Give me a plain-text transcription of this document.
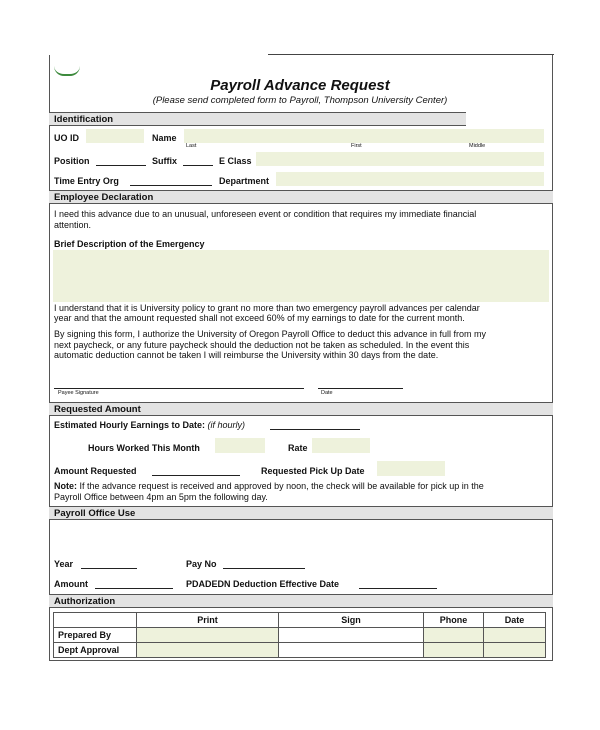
Payroll Advance Request
(Please send completed form to Payroll, Thompson University Center)
Identification
UO ID	Name
Last	First	Middle
Position	Suffix	E Class
Time Entry Org	Department
Employee Declaration
I need this advance due to an unusual, unforeseen event or condition that requires my immediate financial
attention.
Brief Description of the Emergency
I understand that it is University policy to grant no more than two emergency payroll advances per calendar
year and that the amount requested shall not exceed 60% of my earnings to date for the current month.
By signing this form, I authorize the University of Oregon Payroll Office to deduct this advance in full from my
next paycheck, or any future paycheck should the deduction not be taken as scheduled. In the event this
automatic deduction cannot be taken I will reimburse the University within 30 days from the date.
Payee Signature	Date
Requested Amount
Estimated Hourly Earnings to Date: (if hourly)
Hours Worked This Month	Rate
Amount Requested	Requested Pick Up Date
Note: If the advance request is received and approved by noon, the check will be available for pick up in the
Payroll Office between 4pm an 5pm the following day.
Payroll Office Use
Year	Pay No
Amount	PDADEDN Deduction Effective Date
Authorization
	Print	Sign	Phone	Date
Prepared By				
Dept Approval				
